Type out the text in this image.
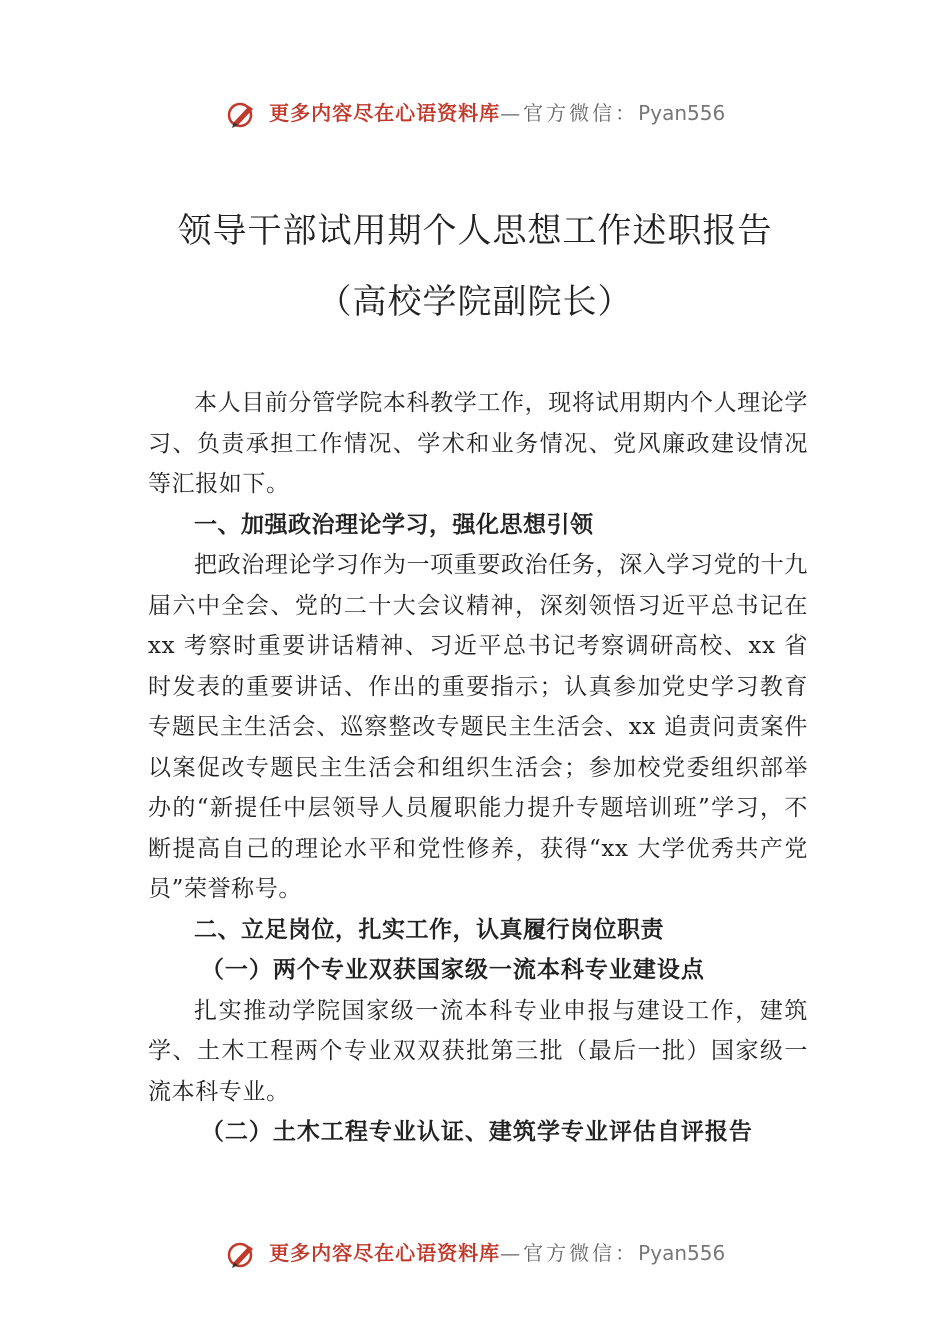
更多内容尽在心语资料库—官方微信：Pyan556
领导干部试用期个人思想工作述职报告
（高校学院副院长）

本人目前分管学院本科教学工作，现将试用期内个人理论学习、负责承担工作情况、学术和业务情况、党风廉政建设情况等汇报如下。

一、加强政治理论学习，强化思想引领

把政治理论学习作为一项重要政治任务，深入学习党的十九届六中全会、党的二十大会议精神，深刻领悟习近平总书记在 xx 考察时重要讲话精神、习近平总书记考察调研高校、xx 省时发表的重要讲话、作出的重要指示；认真参加党史学习教育专题民主生活会、巡察整改专题民主生活会、xx 追责问责案件以案促改专题民主生活会和组织生活会；参加校党委组织部举办的“新提任中层领导人员履职能力提升专题培训班”学习，不断提高自己的理论水平和党性修养，获得“xx 大学优秀共产党员”荣誉称号。

二、立足岗位，扎实工作，认真履行岗位职责
（一）两个专业双获国家级一流本科专业建设点

扎实推动学院国家级一流本科专业申报与建设工作，建筑学、土木工程两个专业双双获批第三批（最后一批）国家级一流本科专业。

（二）土木工程专业认证、建筑学专业评估自评报告
更多内容尽在心语资料库—官方微信：Pyan556
